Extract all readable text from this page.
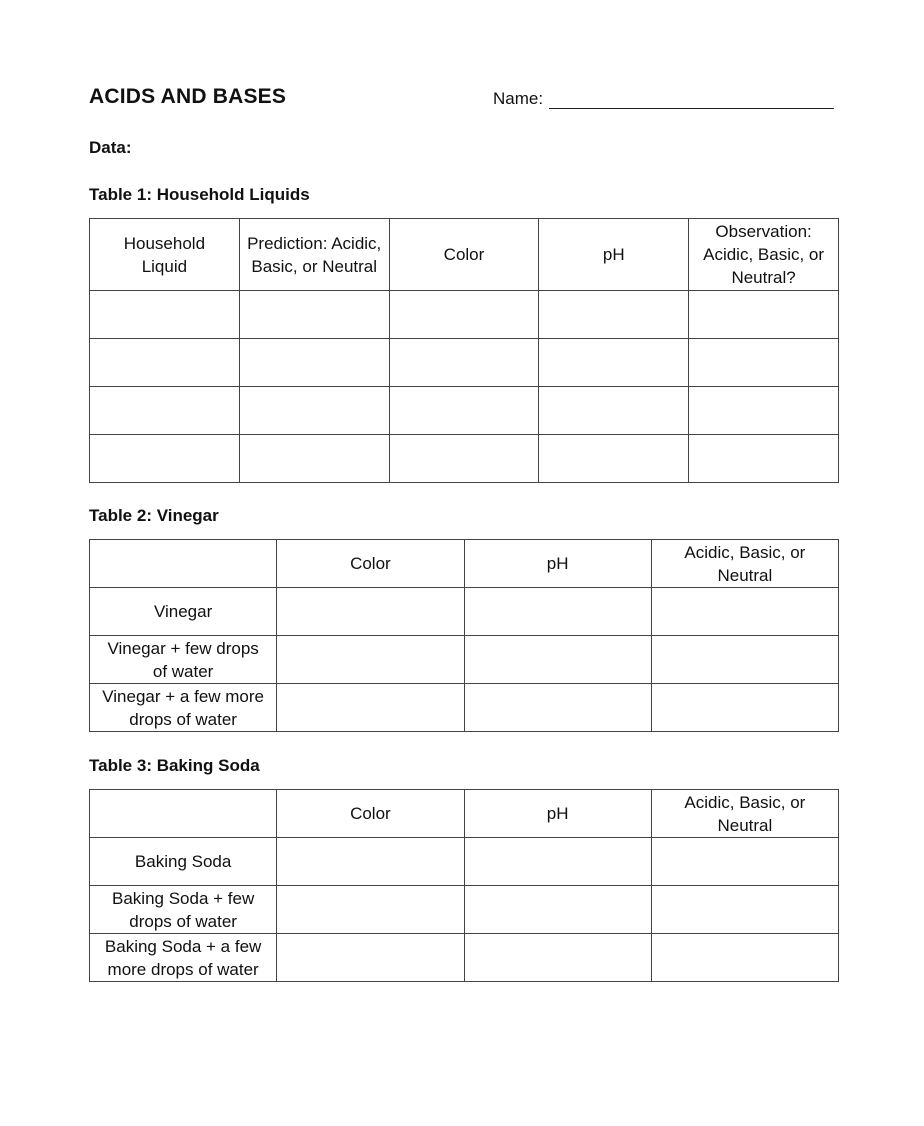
ACIDS AND BASES	Name:
Data:
Table 1: Household Liquids
Household Liquid	Prediction: Acidic, Basic, or Neutral	Color	pH	Observation: Acidic, Basic, or Neutral?

Table 2: Vinegar
	Color	pH	Acidic, Basic, or Neutral
Vinegar			
Vinegar + few drops of water			
Vinegar + a few more drops of water			
Table 3: Baking Soda
	Color	pH	Acidic, Basic, or Neutral
Baking Soda			
Baking Soda + few drops of water			
Baking Soda + a few more drops of water			
